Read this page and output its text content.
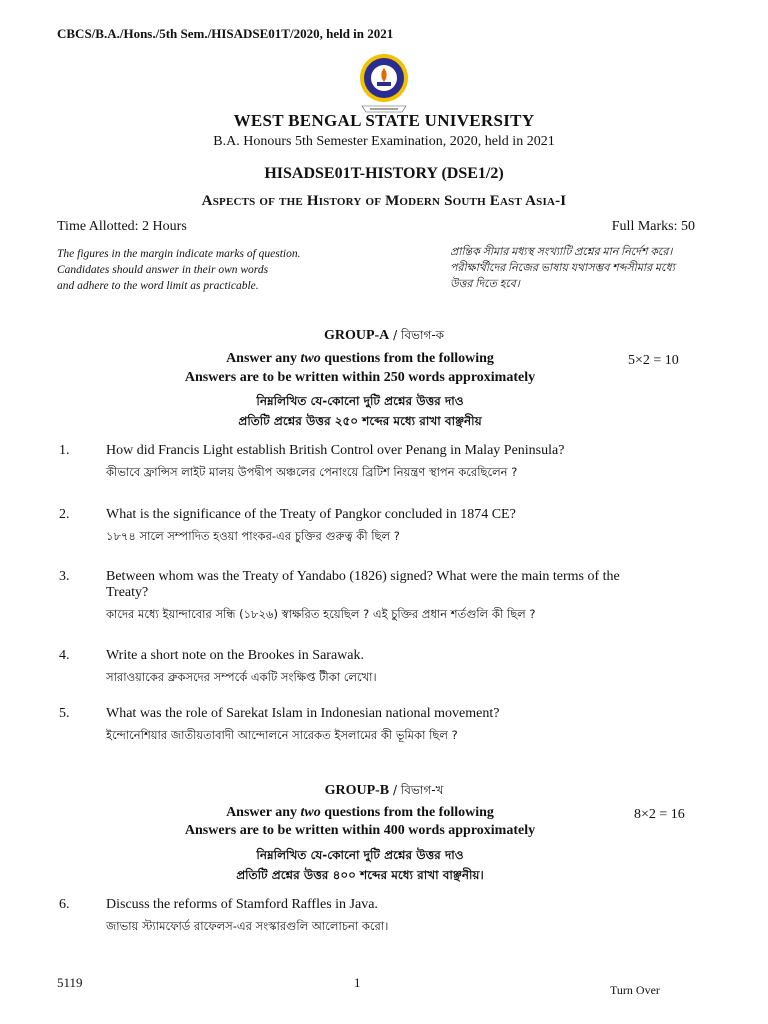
CBCS/B.A./Hons./5th Sem./HISADSE01T/2020, held in 2021
WEST BENGAL STATE UNIVERSITY
B.A. Honours 5th Semester Examination, 2020, held in 2021
HISADSE01T-HISTORY (DSE1/2)
Aspects of the History of Modern South East Asia-I
Time Allotted: 2 Hours	Full Marks: 50
The figures in the margin indicate marks of question.
Candidates should answer in their own words
and adhere to the word limit as practicable.
প্রান্তিক সীমার মধ্যস্থ সংখ্যাটি প্রশ্নের মান নির্দেশ করে।
পরীক্ষার্থীদের নিজের ভাষায় যথাসম্ভব শব্দসীমার মধ্যে
উত্তর দিতে হবে।
GROUP-A / বিভাগ-ক
Answer any two questions from the following	5×2 = 10
Answers are to be written within 250 words approximately
নিম্নলিখিত যে-কোনো দুটি প্রশ্নের উত্তর দাও
প্রতিটি প্রশ্নের উত্তর ২৫০ শব্দের মধ্যে রাখা বাঞ্ছনীয়
1.	How did Francis Light establish British Control over Penang in Malay Peninsula?
কীভাবে ফ্রান্সিস লাইট মালয় উপদ্বীপ অঞ্চলের পেনাংয়ে ব্রিটিশ নিয়ন্ত্রণ স্থাপন করেছিলেন ?
2.	What is the significance of the Treaty of Pangkor concluded in 1874 CE?
১৮৭৪ সালে সম্পাদিত হওয়া পাংকর-এর চুক্তির গুরুত্ব কী ছিল ?
3.	Between whom was the Treaty of Yandabo (1826) signed? What were the main terms of the Treaty?
কাদের মধ্যে ইয়ান্দাবোর সন্ধি (১৮২৬) স্বাক্ষরিত হয়েছিল ? এই চুক্তির প্রধান শর্তগুলি কী ছিল ?
4.	Write a short note on the Brookes in Sarawak.
সারাওয়াকের ব্রুকসদের সম্পর্কে একটি সংক্ষিপ্ত টীকা লেখো।
5.	What was the role of Sarekat Islam in Indonesian national movement?
ইন্দোনেশিয়ার জাতীয়তাবাদী আন্দোলনে সারেকত ইসলামের কী ভূমিকা ছিল ?
GROUP-B / বিভাগ-খ
Answer any two questions from the following	8×2 = 16
Answers are to be written within 400 words approximately
নিম্নলিখিত যে-কোনো দুটি প্রশ্নের উত্তর দাও
প্রতিটি প্রশ্নের উত্তর ৪০০ শব্দের মধ্যে রাখা বাঞ্ছনীয়।
6.	Discuss the reforms of Stamford Raffles in Java.
জাভায় স্ট্যামফোর্ড রাফেলস-এর সংস্কারগুলি আলোচনা করো।
5119	1	Turn Over
